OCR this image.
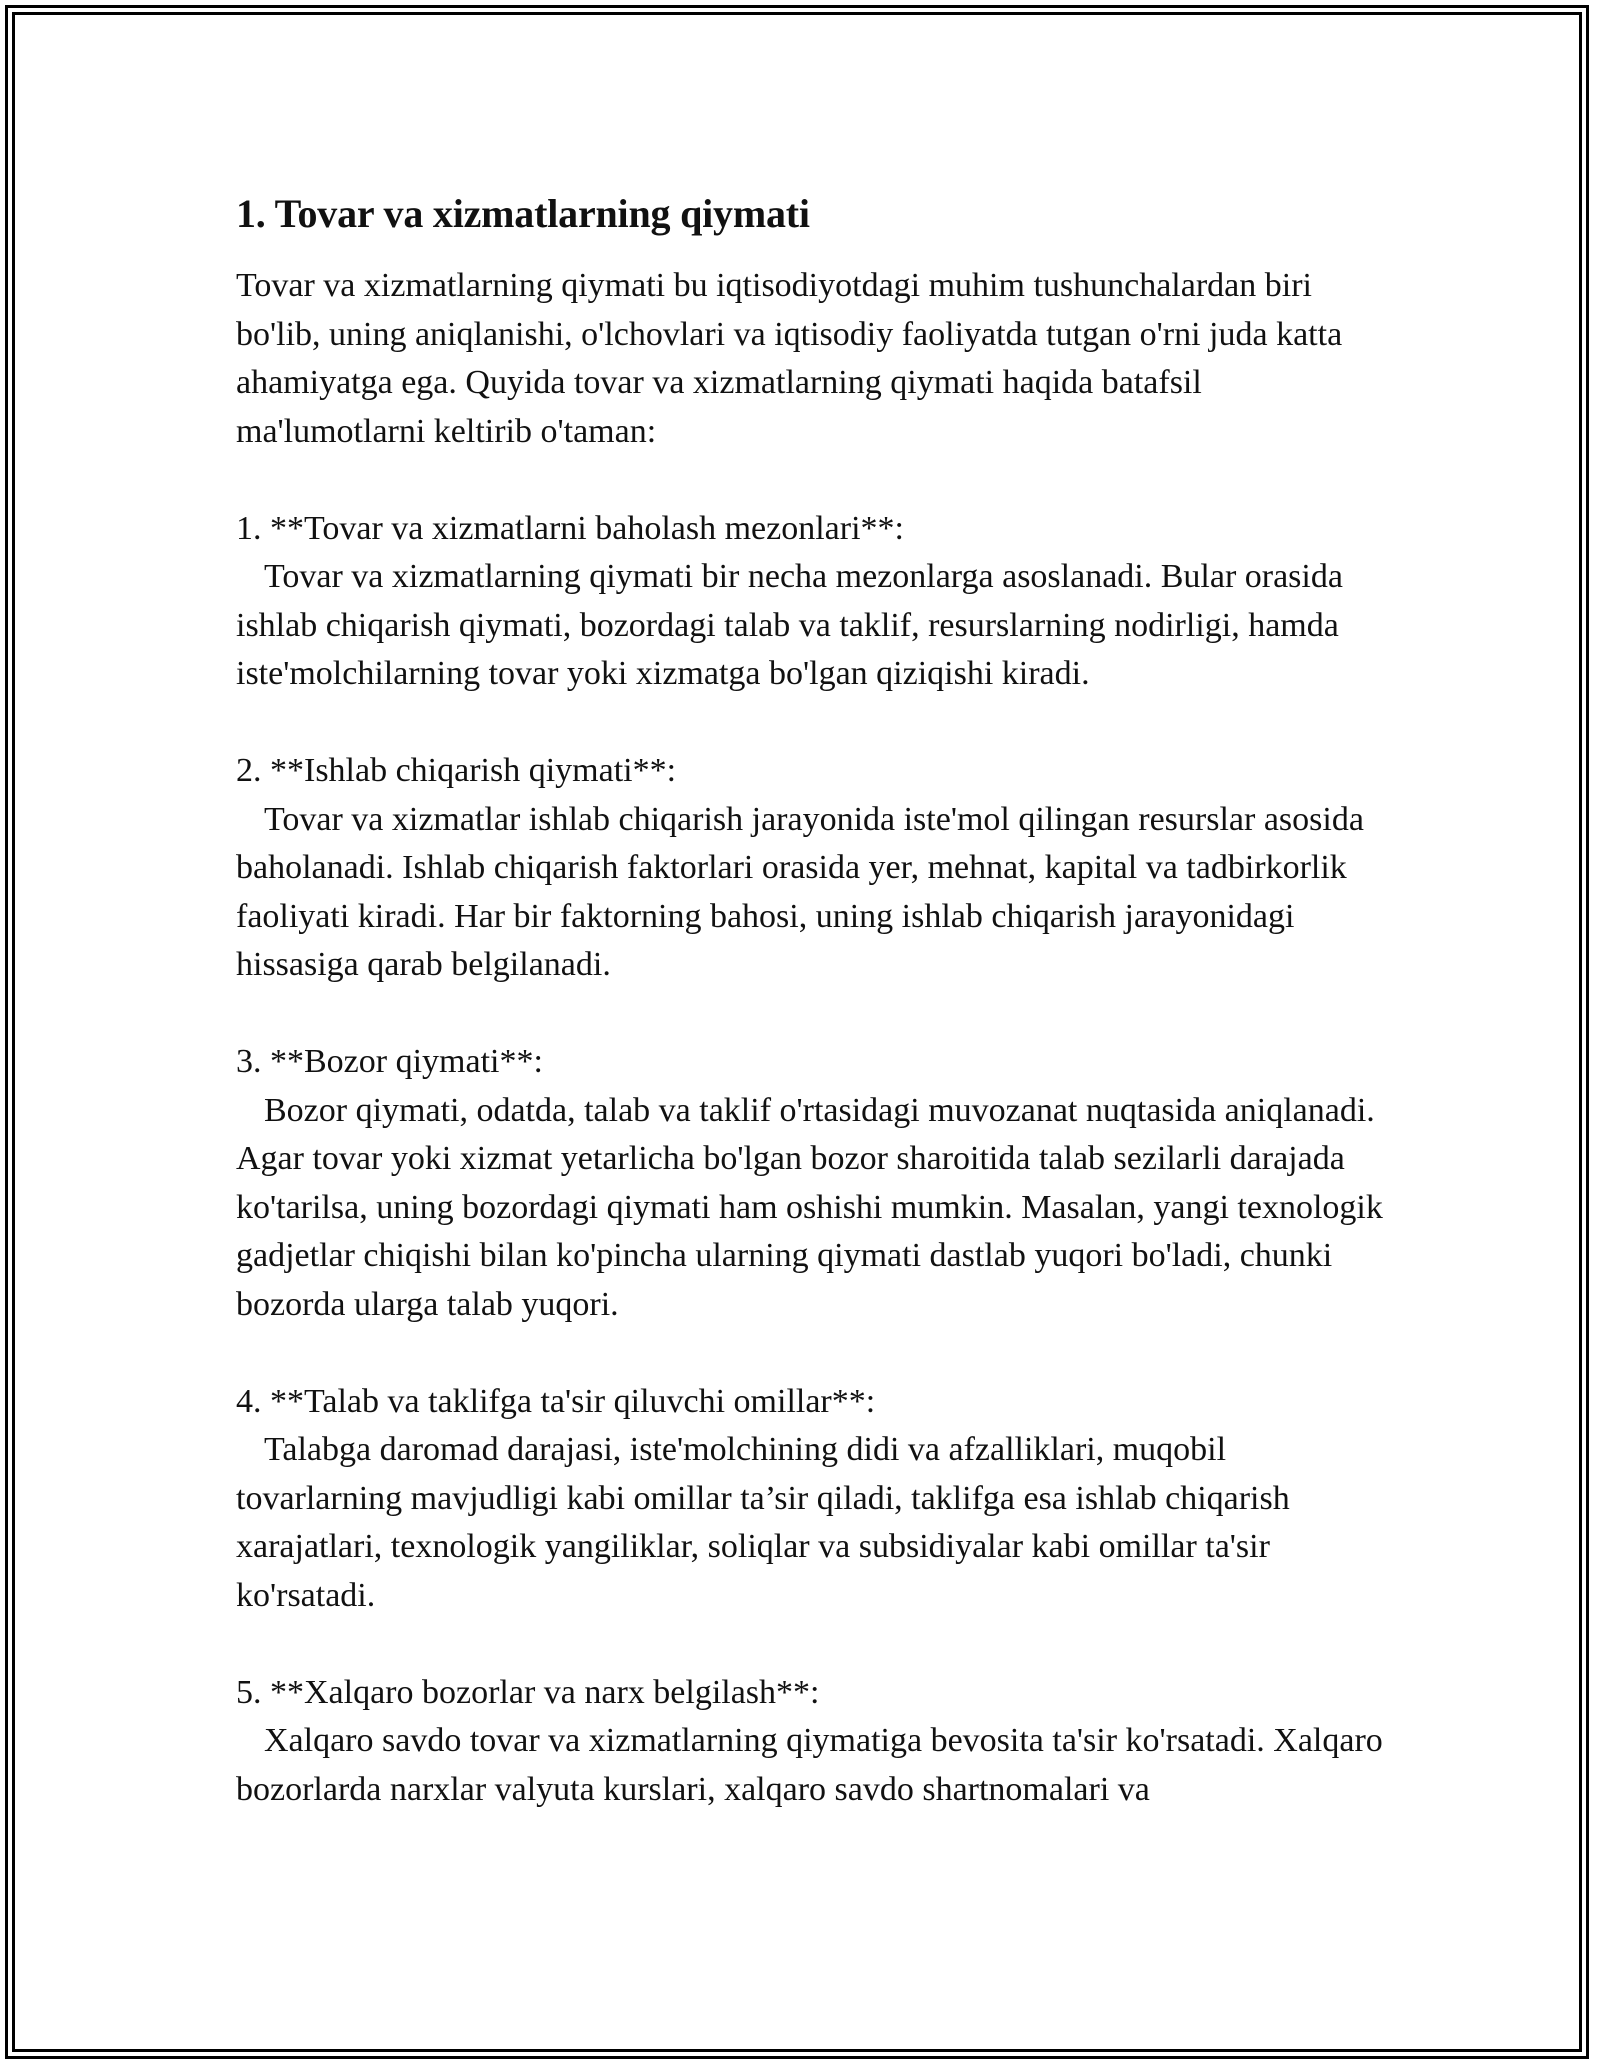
1. Tovar va xizmatlarning qiymati

Tovar va xizmatlarning qiymati bu iqtisodiyotdagi muhim tushunchalardan biri bo'lib, uning aniqlanishi, o'lchovlari va iqtisodiy faoliyatda tutgan o'rni juda katta ahamiyatga ega. Quyida tovar va xizmatlarning qiymati haqida batafsil ma'lumotlarni keltirib o'taman:

1. **Tovar va xizmatlarni baholash mezonlari**:

Tovar va xizmatlarning qiymati bir necha mezonlarga asoslanadi. Bular orasida ishlab chiqarish qiymati, bozordagi talab va taklif, resurslarning nodirligi, hamda iste'molchilarning tovar yoki xizmatga bo'lgan qiziqishi kiradi.

2. **Ishlab chiqarish qiymati**:

Tovar va xizmatlar ishlab chiqarish jarayonida iste'mol qilingan resurslar asosida baholanadi. Ishlab chiqarish faktorlari orasida yer, mehnat, kapital va tadbirkorlik faoliyati kiradi. Har bir faktorning bahosi, uning ishlab chiqarish jarayonidagi hissasiga qarab belgilanadi.

3. **Bozor qiymati**:

Bozor qiymati, odatda, talab va taklif o'rtasidagi muvozanat nuqtasida aniqlanadi. Agar tovar yoki xizmat yetarlicha bo'lgan bozor sharoitida talab sezilarli darajada ko'tarilsa, uning bozordagi qiymati ham oshishi mumkin. Masalan, yangi texnologik gadjetlar chiqishi bilan ko'pincha ularning qiymati dastlab yuqori bo'ladi, chunki bozorda ularga talab yuqori.

4. **Talab va taklifga ta'sir qiluvchi omillar**:

Talabga daromad darajasi, iste'molchining didi va afzalliklari, muqobil tovarlarning mavjudligi kabi omillar ta’sir qiladi, taklifga esa ishlab chiqarish xarajatlari, texnologik yangiliklar, soliqlar va subsidiyalar kabi omillar ta'sir ko'rsatadi.

5. **Xalqaro bozorlar va narx belgilash**:

Xalqaro savdo tovar va xizmatlarning qiymatiga bevosita ta'sir ko'rsatadi. Xalqaro bozorlarda narxlar valyuta kurslari, xalqaro savdo shartnomalari va
